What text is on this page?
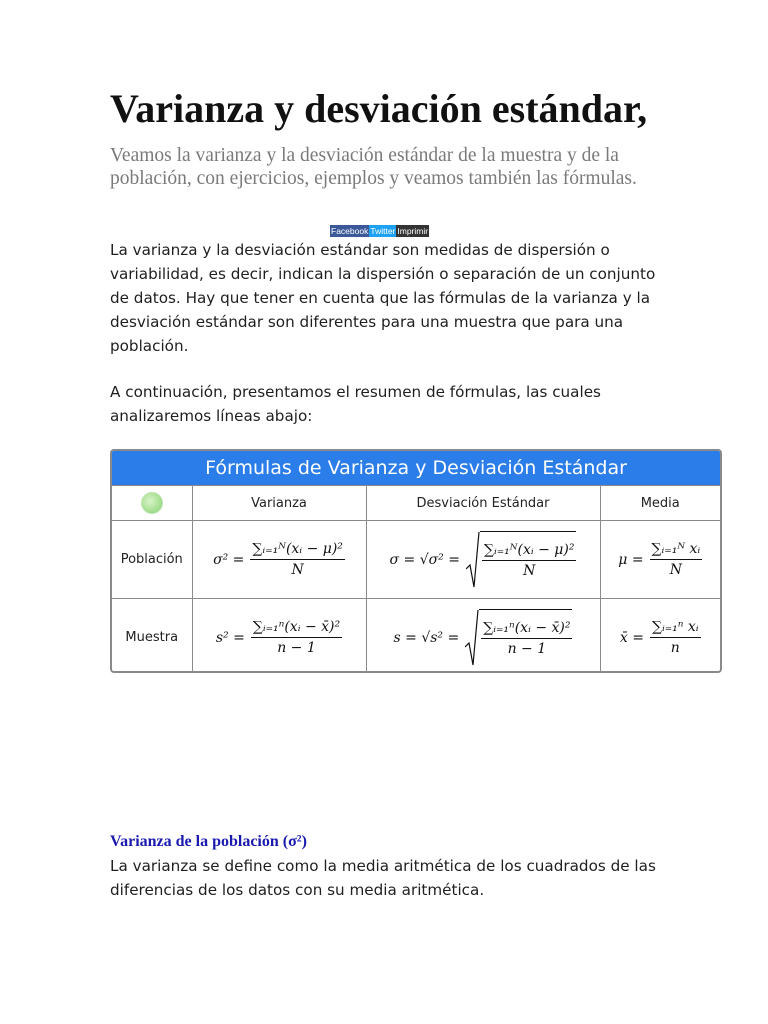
Varianza y desviación estándar,

Veamos la varianza y la desviación estándar de la muestra y de la población, con ejercicios, ejemplos y veamos también las fórmulas.

Facebook Twitter Imprimir

La varianza y la desviación estándar son medidas de dispersión o variabilidad, es decir, indican la dispersión o separación de un conjunto de datos. Hay que tener en cuenta que las fórmulas de la varianza y la desviación estándar son diferentes para una muestra que para una población.

A continuación, presentamos el resumen de fórmulas, las cuales analizaremos líneas abajo:

Fórmulas de Varianza y Desviación Estándar
	Varianza	Desviación Estándar	Media
Población	$\sigma^2 = \frac{\text{∑ᵢ₌₁ᴺ(xᵢ − μ)²}}{N}$	$\sigma = √\sigma^2 = \frac{\text{∑ᵢ₌₁ᴺ(xᵢ − μ)²}}{N}$	$\mu = \frac{\text{∑ᵢ₌₁ᴺ xᵢ}}{N}$

Muestra	$s^2 = \frac{\text{∑ᵢ₌₁ⁿ(xᵢ − x̄)²}}{n - 1}$	$s = √s^2 = \frac{\text{∑ᵢ₌₁ⁿ(xᵢ − x̄)²}}{n - 1}$	x̄ = $\frac{\text{∑ᵢ₌₁ⁿ xᵢ}}{n}$
Varianza de la población (σ²)

La varianza se define como la media aritmética de los cuadrados de las diferencias de los datos con su media aritmética.
